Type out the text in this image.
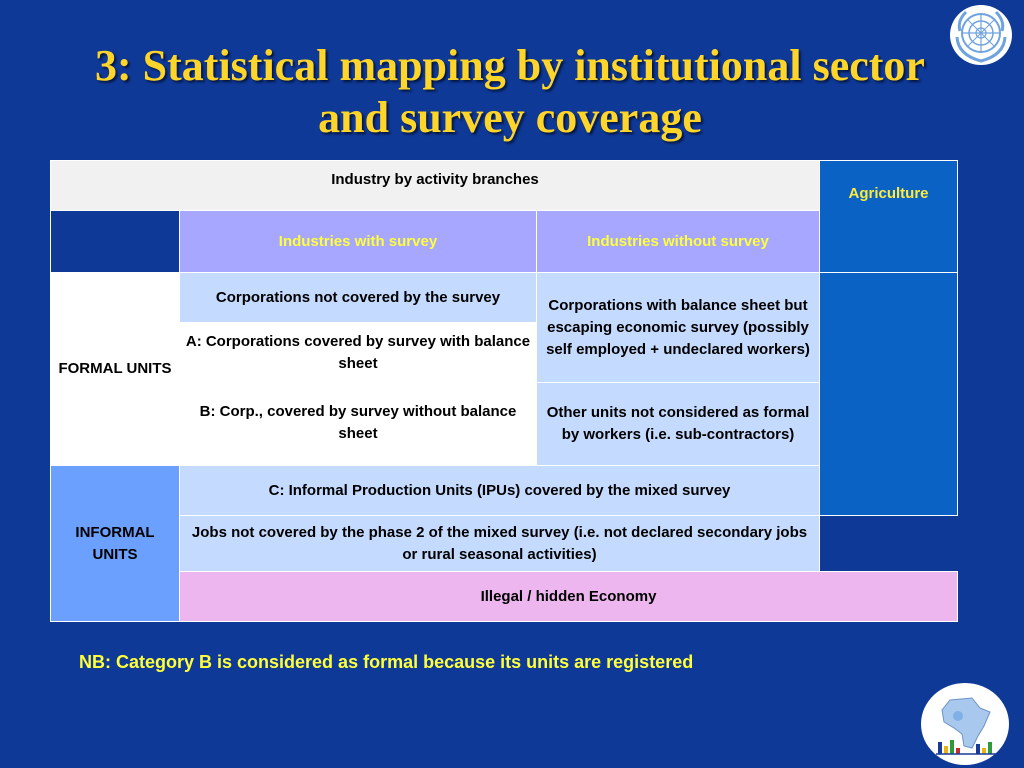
3: Statistical mapping by institutional sector and survey coverage
Industry by activity branches			Agriculture
	Industries with survey	Industries without survey	
FORMAL UNITS	Corporations not covered by the survey	Corporations with balance sheet but escaping economic survey (possibly self employed + undeclared workers)	
	A: Corporations covered by survey with balance sheet		
	B: Corp., covered by survey without balance sheet	Other units not considered as formal by workers (i.e. sub-contractors)	
INFORMAL UNITS	C: Informal Production Units (IPUs) covered by the mixed survey		
	Jobs not covered by the phase 2 of the mixed survey (i.e. not declared secondary jobs or rural seasonal activities)		
	Illegal / hidden Economy		
NB: Category B is considered as formal because its units are registered
